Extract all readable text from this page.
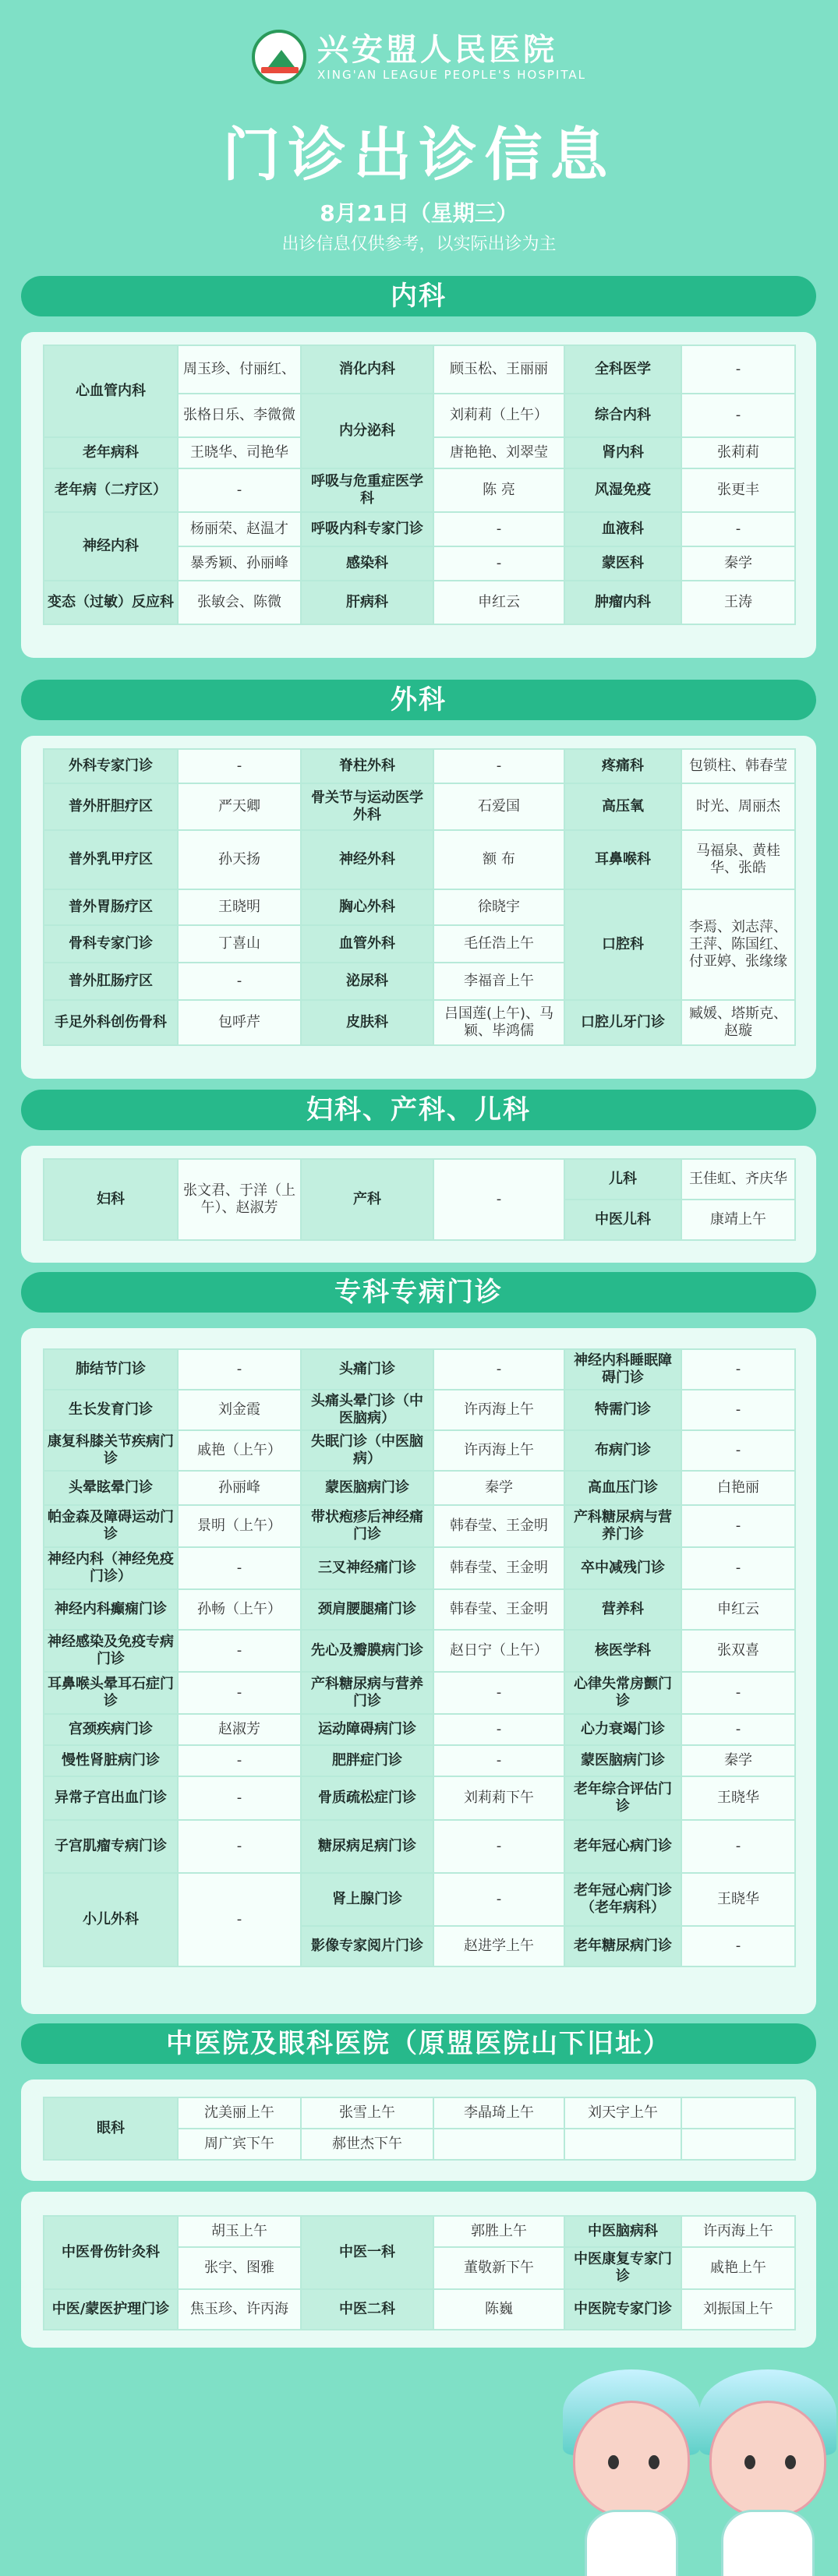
兴安盟人民医院
XING'AN LEAGUE PEOPLE'S HOSPITAL
门诊出诊信息
8月21日（星期三）
出诊信息仅供参考，以实际出诊为主
内科
心血管内科	周玉珍、付丽红、	消化内科	顾玉松、王丽丽	全科医学	-
	张格日乐、李微微	内分泌科	刘莉莉（上午）	综合内科	-
老年病科	王晓华、司艳华		唐艳艳、刘翠莹	肾内科	张莉莉
老年病（二疗区）	-	呼吸与危重症医学科	陈 亮	风湿免疫	张更丰
神经内科	杨丽荣、赵温才	呼吸内科专家门诊	-	血液科	-
	暴秀颖、孙丽峰	感染科	-	蒙医科	秦学
变态（过敏）反应科	张敏会、陈微	肝病科	申红云	肿瘤内科	王涛
外科
外科专家门诊	-	脊柱外科	-	疼痛科	包锁柱、韩春莹
普外肝胆疗区	严天卿	骨关节与运动医学外科	石爱国	高压氧	时光、周丽杰
普外乳甲疗区	孙天扬	神经外科	额 布	耳鼻喉科	马福泉、黄桂华、张皓
普外胃肠疗区	王晓明	胸心外科	徐晓宇	口腔科	李焉、刘志萍、王萍、陈国红、付亚婷、张缘缘
骨科专家门诊	丁喜山	血管外科	毛任浩上午		
普外肛肠疗区	-	泌尿科	李福音上午		
手足外科创伤骨科	包呼芹	皮肤科	吕国莲(上午)、马颖、毕鸿儒	口腔儿牙门诊	臧媛、塔斯克、赵璇
妇科、产科、儿科
妇科	张文君、于洋（上午）、赵淑芳	产科	-	儿科	王佳虹、齐庆华
				中医儿科	康靖上午
专科专病门诊
肺结节门诊	-	头痛门诊	-	神经内科睡眠障碍门诊	-
生长发育门诊	刘金霞	头痛头晕门诊（中医脑病）	许丙海上午	特需门诊	-
康复科膝关节疾病门诊	戚艳（上午）	失眠门诊（中医脑病）	许丙海上午	布病门诊	-
头晕眩晕门诊	孙丽峰	蒙医脑病门诊	秦学	高血压门诊	白艳丽
帕金森及障碍运动门诊	景明（上午）	带状疱疹后神经痛门诊	韩春莹、王金明	产科糖尿病与营养门诊	-
神经内科（神经免疫门诊）	-	三叉神经痛门诊	韩春莹、王金明	卒中减残门诊	-
神经内科癫痫门诊	孙畅（上午）	颈肩腰腿痛门诊	韩春莹、王金明	营养科	申红云
神经感染及免疫专病门诊	-	先心及瓣膜病门诊	赵日宁（上午）	核医学科	张双喜
耳鼻喉头晕耳石症门诊	-	产科糖尿病与营养门诊	-	心律失常房颤门诊	-
宫颈疾病门诊	赵淑芳	运动障碍病门诊	-	心力衰竭门诊	-
慢性肾脏病门诊	-	肥胖症门诊	-	蒙医脑病门诊	秦学
异常子宫出血门诊	-	骨质疏松症门诊	刘莉莉下午	老年综合评估门诊	王晓华
子宫肌瘤专病门诊	-	糖尿病足病门诊	-	老年冠心病门诊	-
小儿外科	-	肾上腺门诊	-	老年冠心病门诊（老年病科）	王晓华
		影像专家阅片门诊	赵进学上午	老年糖尿病门诊	-
中医院及眼科医院（原盟医院山下旧址）
眼科	沈美丽上午	张雪上午	李晶琦上午	刘天宇上午	
	周广宾下午	郝世杰下午			
中医骨伤针灸科	胡玉上午	中医一科	郭胜上午	中医脑病科	许丙海上午
	张宇、图雅		董敬新下午	中医康复专家门诊	戚艳上午
中医/蒙医护理门诊	焦玉珍、许丙海	中医二科	陈巍	中医院专家门诊	刘振国上午
